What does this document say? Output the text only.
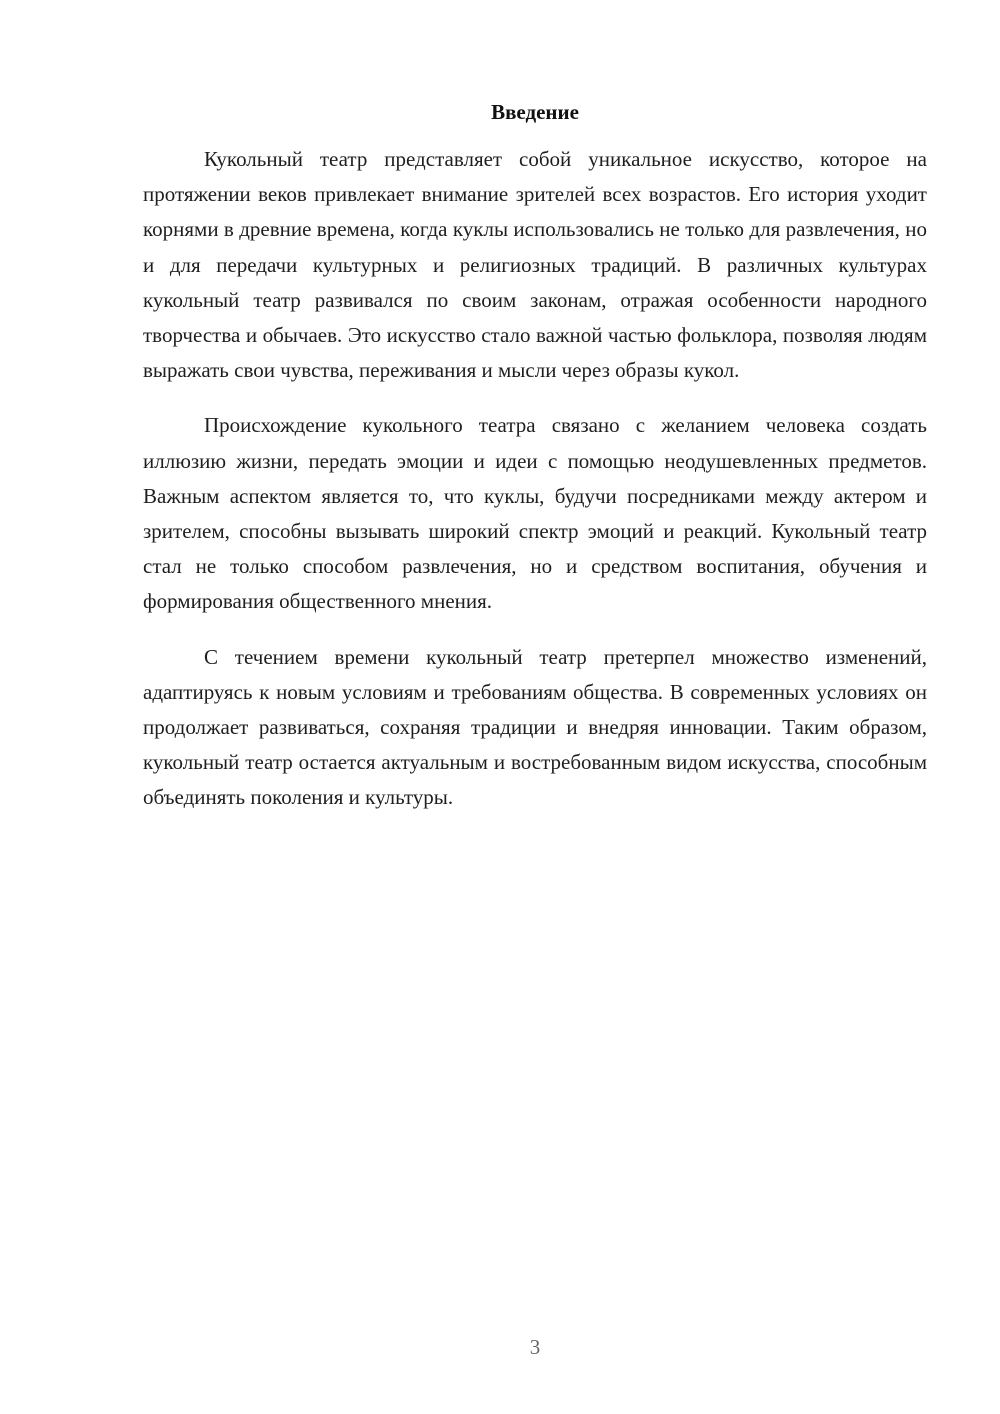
Введение

Кукольный театр представляет собой уникальное искусство, которое на протяжении веков привлекает внимание зрителей всех возрастов. Его история уходит корнями в древние времена, когда куклы использовались не только для развлечения, но и для передачи культурных и религиозных традиций. В различных культурах кукольный театр развивался по своим законам, отражая особенности народного творчества и обычаев. Это искусство стало важной частью фольклора, позволяя людям выражать свои чувства, переживания и мысли через образы кукол.

Происхождение кукольного театра связано с желанием человека создать иллюзию жизни, передать эмоции и идеи с помощью неодушевленных предметов. Важным аспектом является то, что куклы, будучи посредниками между актером и зрителем, способны вызывать широкий спектр эмоций и реакций. Кукольный театр стал не только способом развлечения, но и средством воспитания, обучения и формирования общественного мнения.

С течением времени кукольный театр претерпел множество изменений, адаптируясь к новым условиям и требованиям общества. В современных условиях он продолжает развиваться, сохраняя традиции и внедряя инновации. Таким образом, кукольный театр остается актуальным и востребованным видом искусства, способным объединять поколения и культуры.

3
